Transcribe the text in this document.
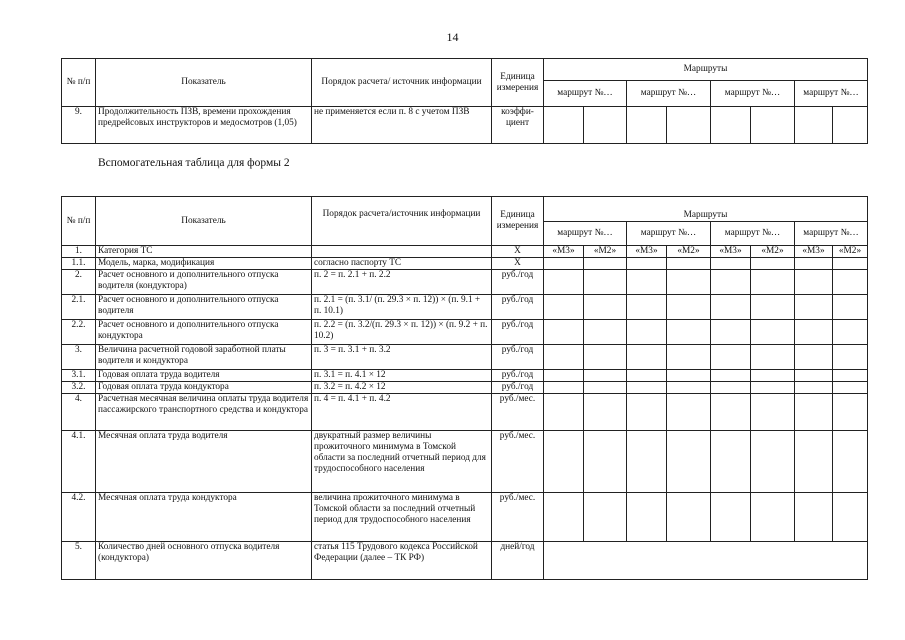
14
№ п/п	Показатель	Порядок расчета/ источник информации	Единица измерения	Маршруты							
				маршрут №…		маршрут №…		маршрут №…		маршрут №…	
9.	Продолжительность ПЗВ, времени прохождения предрейсовых инструкторов и медосмотров (1,05)	не применяется если п. 8 с учетом ПЗВ	коэффи-циент								
Вспомогательная таблица для формы 2
№ п/п	Показатель	Порядок расчета/источник информации	Единица измерения	Маршруты							
				маршрут №…		маршрут №…		маршрут №…		маршрут №…	
1.	Категория ТС		Х	«М3»	«М2»	«М3»	«М2»	«М3»	«М2»	«М3»	«М2»
1.1.	Модель, марка, модификация	согласно паспорту ТС	Х								
2.	Расчет основного и дополнительного отпуска водителя (кондуктора)	п. 2 = п. 2.1 + п. 2.2	руб./год								
2.1.	Расчет основного и дополнительного отпуска водителя	п. 2.1 = (п. 3.1/ (п. 29.3 × п. 12)) × (п. 9.1 + п. 10.1)	руб./год								
2.2.	Расчет основного и дополнительного отпуска кондуктора	п. 2.2 = (п. 3.2/(п. 29.3 × п. 12)) × (п. 9.2 + п. 10.2)	руб./год								
3.	Величина расчетной годовой заработной платы водителя и кондуктора	п. 3 = п. 3.1 + п. 3.2	руб./год								
3.1.	Годовая оплата труда водителя	п. 3.1 = п. 4.1 × 12	руб./год								
3.2.	Годовая оплата труда кондуктора	п. 3.2 = п. 4.2 × 12	руб./год								
4.	Расчетная месячная величина оплаты труда водителя пассажирского транспортного средства и кондуктора	п. 4 = п. 4.1 + п. 4.2	руб./мес.								
4.1.	Месячная оплата труда водителя	двукратный размер величины прожиточного минимума в Томской области за последний отчетный период для трудоспособного населения	руб./мес.								
4.2.	Месячная оплата труда кондуктора	величина прожиточного минимума в Томской области за последний отчетный период для трудоспособного населения	руб./мес.								
5.	Количество дней основного отпуска водителя (кондуктора)	статья 115 Трудового кодекса Российской Федерации (далее – ТК РФ)	дней/год								
